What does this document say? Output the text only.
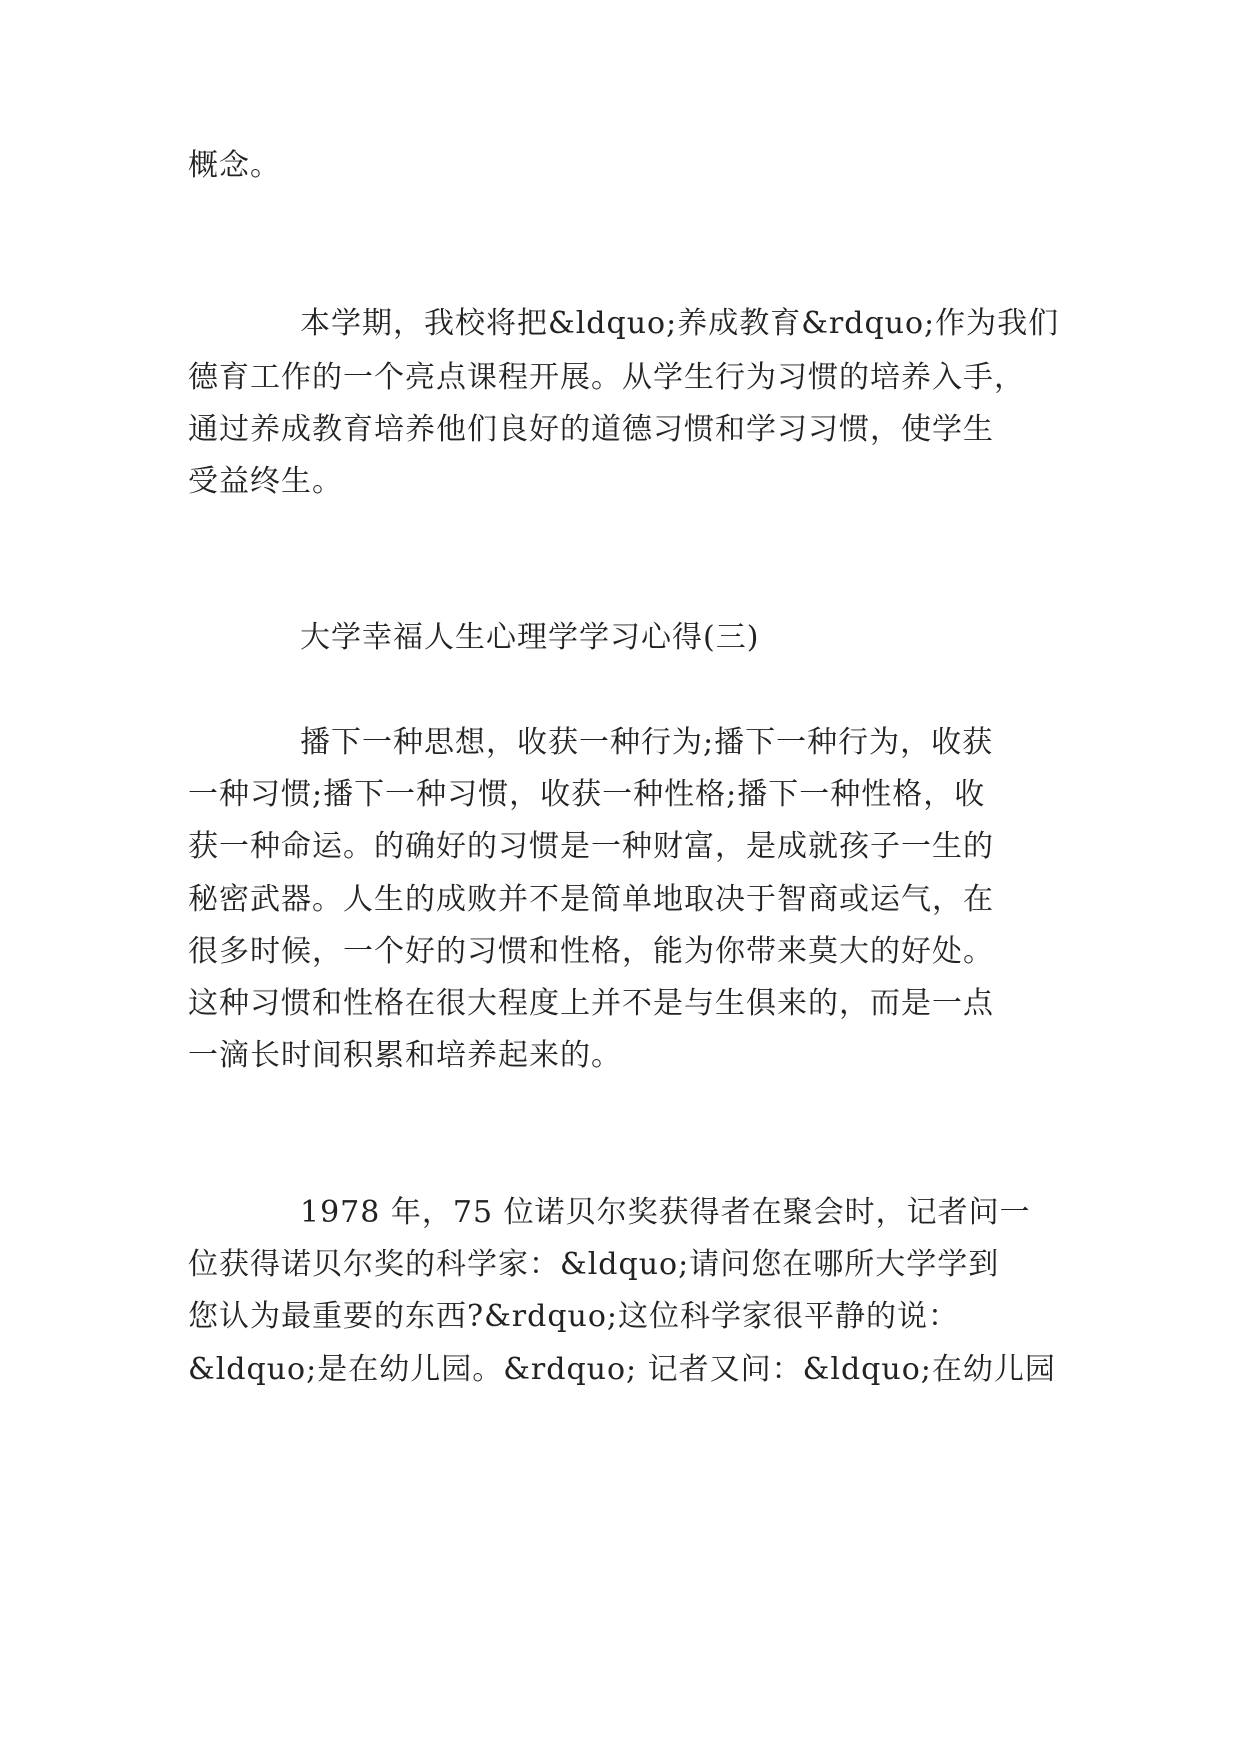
概念。
本学期，我校将把&ldquo;养成教育&rdquo;作为我们
德育工作的一个亮点课程开展。从学生行为习惯的培养入手，
通过养成教育培养他们良好的道德习惯和学习习惯，使学生
受益终生。
大学幸福人生心理学学习心得(三)
播下一种思想，收获一种行为;播下一种行为，收获
一种习惯;播下一种习惯，收获一种性格;播下一种性格，收
获一种命运。的确好的习惯是一种财富，是成就孩子一生的
秘密武器。人生的成败并不是简单地取决于智商或运气，在
很多时候，一个好的习惯和性格，能为你带来莫大的好处。
这种习惯和性格在很大程度上并不是与生俱来的，而是一点
一滴长时间积累和培养起来的。
1978 年，75 位诺贝尔奖获得者在聚会时，记者问一
位获得诺贝尔奖的科学家：&ldquo;请问您在哪所大学学到
您认为最重要的东西?&rdquo;这位科学家很平静的说：
&ldquo;是在幼儿园。&rdquo; 记者又问：&ldquo;在幼儿园
